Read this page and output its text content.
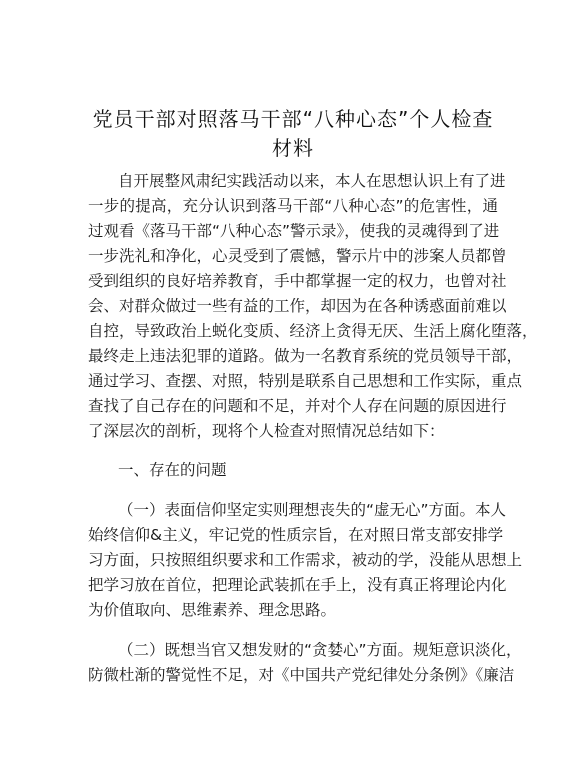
党员干部对照落马干部“八种心态”个人检查
材料
自开展整风肃纪实践活动以来，本人在思想认识上有了进
一步的提高，充分认识到落马干部“八种心态”的危害性，通
过观看《落马干部“八种心态”警示录》，使我的灵魂得到了进
一步洗礼和净化，心灵受到了震憾，警示片中的涉案人员都曾
受到组织的良好培养教育，手中都掌握一定的权力，也曾对社
会、对群众做过一些有益的工作，却因为在各种诱惑面前难以
自控，导致政治上蜕化变质、经济上贪得无厌、生活上腐化堕落，
最终走上违法犯罪的道路。做为一名教育系统的党员领导干部，
通过学习、查摆、对照，特别是联系自己思想和工作实际，重点
查找了自己存在的问题和不足，并对个人存在问题的原因进行
了深层次的剖析，现将个人检查对照情况总结如下：
一、存在的问题
（一）表面信仰坚定实则理想丧失的“虚无心”方面。本人
始终信仰&主义，牢记党的性质宗旨，在对照日常支部安排学
习方面，只按照组织要求和工作需求，被动的学，没能从思想上
把学习放在首位，把理论武装抓在手上，没有真正将理论内化
为价值取向、思维素养、理念思路。
（二）既想当官又想发财的“贪婪心”方面。规矩意识淡化，
防微杜渐的警觉性不足，对《中国共产党纪律处分条例》《廉洁
